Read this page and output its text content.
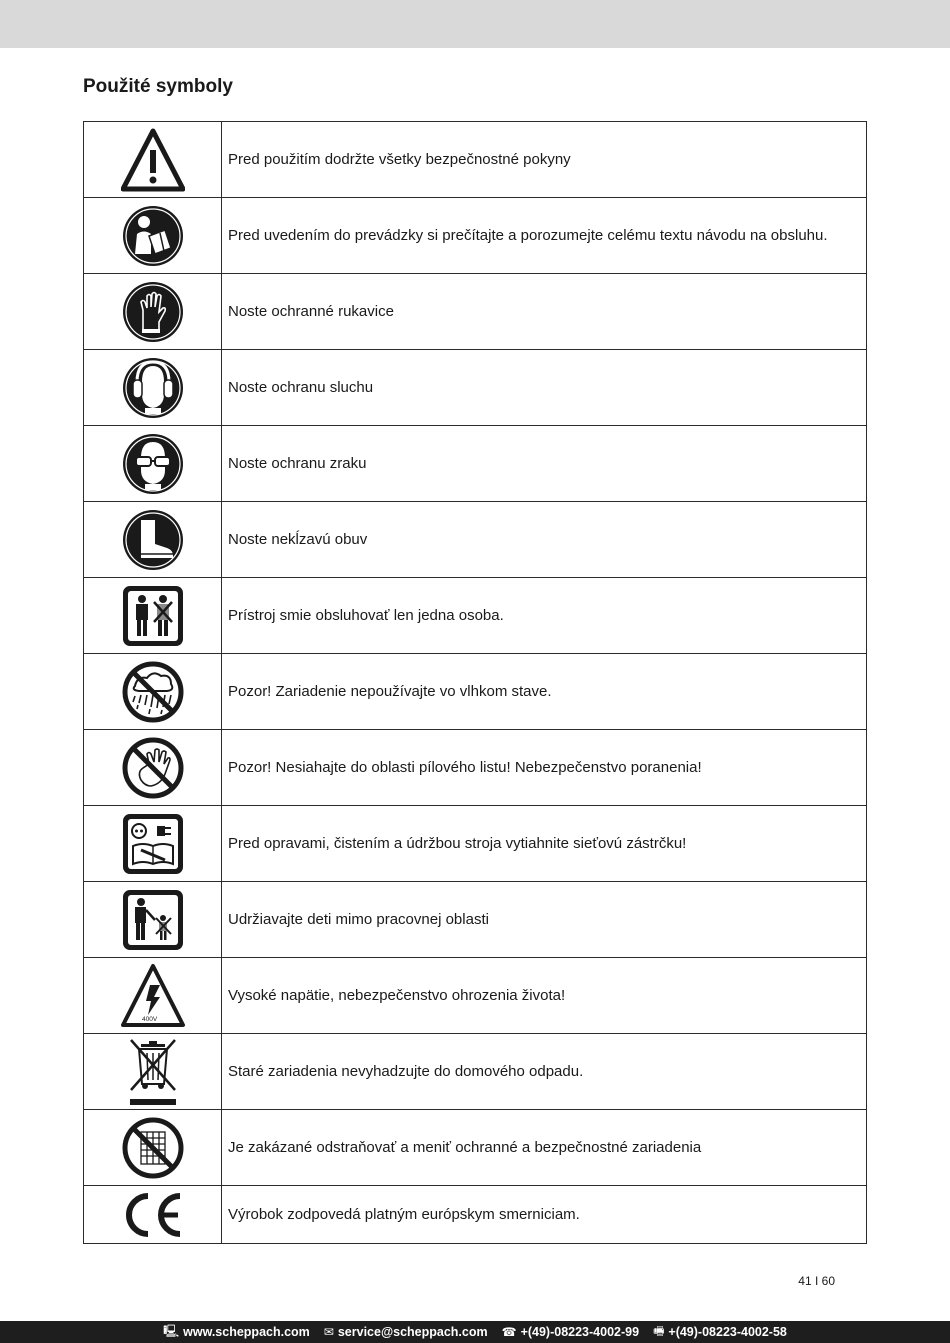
Použité symboly
	Pred použitím dodržte všetky bezpečnostné pokyny

	Pred uvedením do prevádzky si prečítajte a porozumejte celému textu návodu na obsluhu.

	Noste ochranné rukavice

	Noste ochranu sluchu

	Noste ochranu zraku

	Noste nekĺzavú obuv

	Prístroj smie obsluhovať len jedna osoba.

	Pozor! Zariadenie nepoužívajte vo vlhkom stave.

	Pozor! Nesiahajte do oblasti pílového listu! Nebezpečenstvo poranenia!

	Pred opravami, čistením a údržbou stroja vytiahnite sieťovú zástrčku!

	Udržiavajte deti mimo pracovnej oblasti

400V	Vysoké napätie, nebezpečenstvo ohrozenia života!

	Staré zariadenia nevyhadzujte do domového odpadu.

	Je zakázané odstraňovať a meniť ochranné a bezpečnostné zariadenia

	Výrobok zodpovedá platným európskym smerniciam.
41 I 60
🖳 www.scheppach.com ✉ service@scheppach.com ☎ +(49)-08223-4002-99 🖷 +(49)-08223-4002-58
